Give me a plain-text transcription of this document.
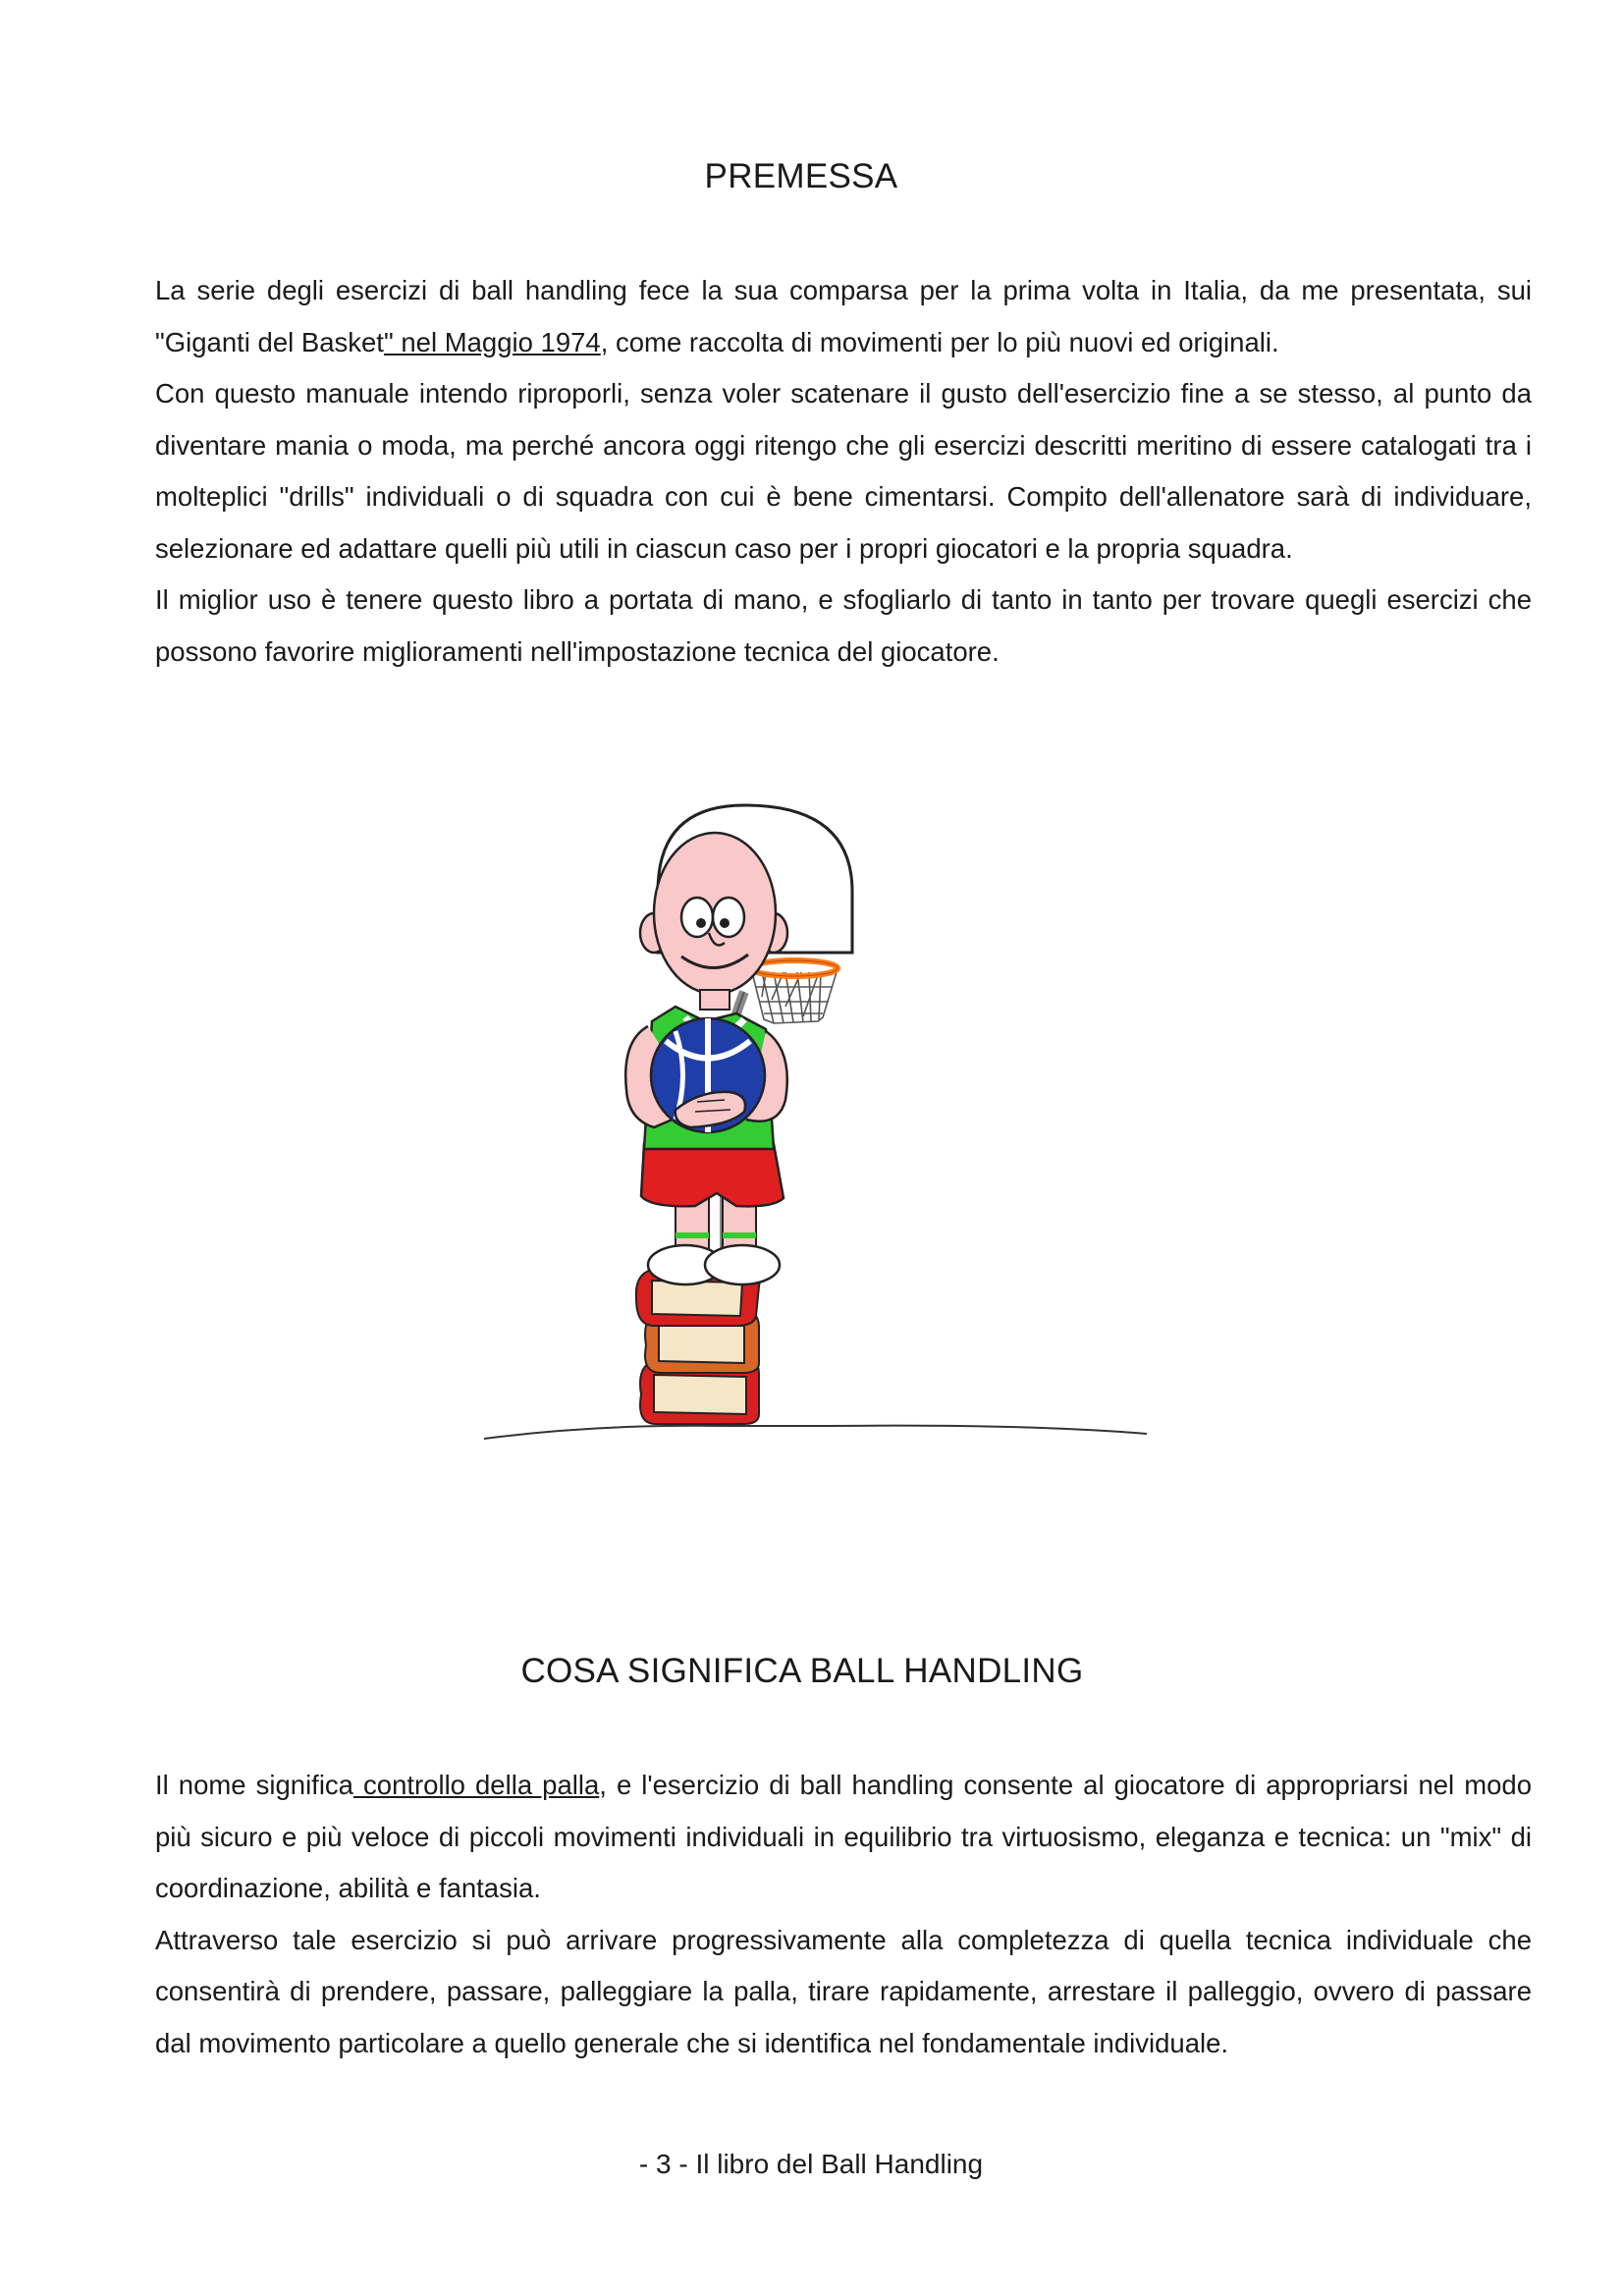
PREMESSA

La serie degli esercizi di ball handling fece la sua comparsa per la prima volta in Italia, da me presentata, sui "Giganti del Basket" nel Maggio 1974, come raccolta di movimenti per lo più nuovi ed originali.

Con questo manuale intendo riproporli, senza voler scatenare il gusto dell'esercizio fine a se stesso, al punto da diventare mania o moda, ma perché ancora oggi ritengo che gli esercizi descritti meritino di essere catalogati tra i molteplici "drills" individuali o di squadra con cui è bene cimentarsi. Compito dell'allenatore sarà di individuare, selezionare ed adattare quelli più utili in ciascun caso per i propri giocatori e la propria squadra.

Il miglior uso è tenere questo libro a portata di mano, e sfogliarlo di tanto in tanto per trovare quegli esercizi che possono favorire miglioramenti nell'impostazione tecnica del giocatore.

COSA SIGNIFICA BALL HANDLING

Il nome significa controllo della palla, e l'esercizio di ball handling consente al giocatore di appropriarsi nel modo più sicuro e più veloce di piccoli movimenti individuali in equilibrio tra virtuosismo, eleganza e tecnica: un "mix" di coordinazione, abilità e fantasia.

Attraverso tale esercizio si può arrivare progressivamente alla completezza di quella tecnica individuale che consentirà di prendere, passare, palleggiare la palla, tirare rapidamente, arrestare il palleggio, ovvero di passare dal movimento particolare a quello generale che si identifica nel fondamentale individuale.

- 3 - Il libro del Ball Handling
